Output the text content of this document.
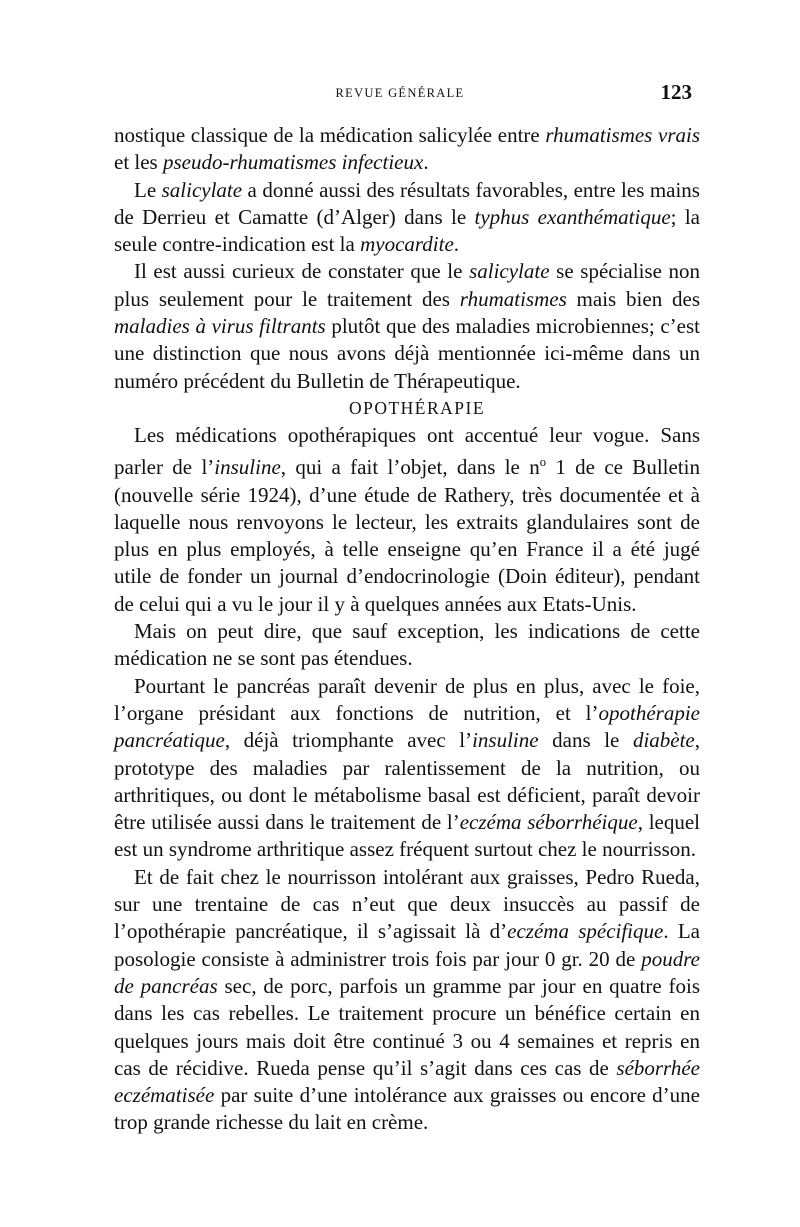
REVUE GÉNÉRALE	123

nostique classique de la médication salicylée entre rhumatismes vrais et les pseudo-rhumatismes infectieux.

Le salicylate a donné aussi des résultats favorables, entre les mains de Derrieu et Camatte (d’Alger) dans le typhus exanthématique; la seule contre-indication est la myocardite.

Il est aussi curieux de constater que le salicylate se spécialise non plus seulement pour le traitement des rhumatismes mais bien des maladies à virus filtrants plutôt que des maladies microbiennes; c’est une distinction que nous avons déjà mentionnée ici-même dans un numéro précédent du Bulletin de Thérapeutique.

OPOTHÉRAPIE

Les médications opothérapiques ont accentué leur vogue. Sans parler de l’insuline, qui a fait l’objet, dans le $n^o$ 1 de ce Bulletin (nouvelle série 1924), d’une étude de Rathery, très documentée et à laquelle nous renvoyons le lecteur, les extraits glandulaires sont de plus en plus employés, à telle enseigne qu’en France il a été jugé utile de fonder un journal d’endocrinologie (Doin éditeur), pendant de celui qui a vu le jour il y à quelques années aux Etats-Unis.

Mais on peut dire, que sauf exception, les indications de cette médication ne se sont pas étendues.

Pourtant le pancréas paraît devenir de plus en plus, avec le foie, l’organe présidant aux fonctions de nutrition, et l’opothérapie pancréatique, déjà triomphante avec l’insuline dans le diabète, prototype des maladies par ralentissement de la nutrition, ou arthritiques, ou dont le métabolisme basal est déficient, paraît devoir être utilisée aussi dans le traitement de l’eczéma séborrhéique, lequel est un syndrome arthritique assez fréquent surtout chez le nourrisson.

Et de fait chez le nourrisson intolérant aux graisses, Pedro Rueda, sur une trentaine de cas n’eut que deux insuccès au passif de l’opothérapie pancréatique, il s’agissait là d’eczéma spécifique. La posologie consiste à administrer trois fois par jour 0 gr. 20 de poudre de pancréas sec, de porc, parfois un gramme par jour en quatre fois dans les cas rebelles. Le traitement procure un bénéfice certain en quelques jours mais doit être continué 3 ou 4 semaines et repris en cas de récidive. Rueda pense qu’il s’agit dans ces cas de séborrhée eczématisée par suite d’une intolérance aux graisses ou encore d’une trop grande richesse du lait en crème.
